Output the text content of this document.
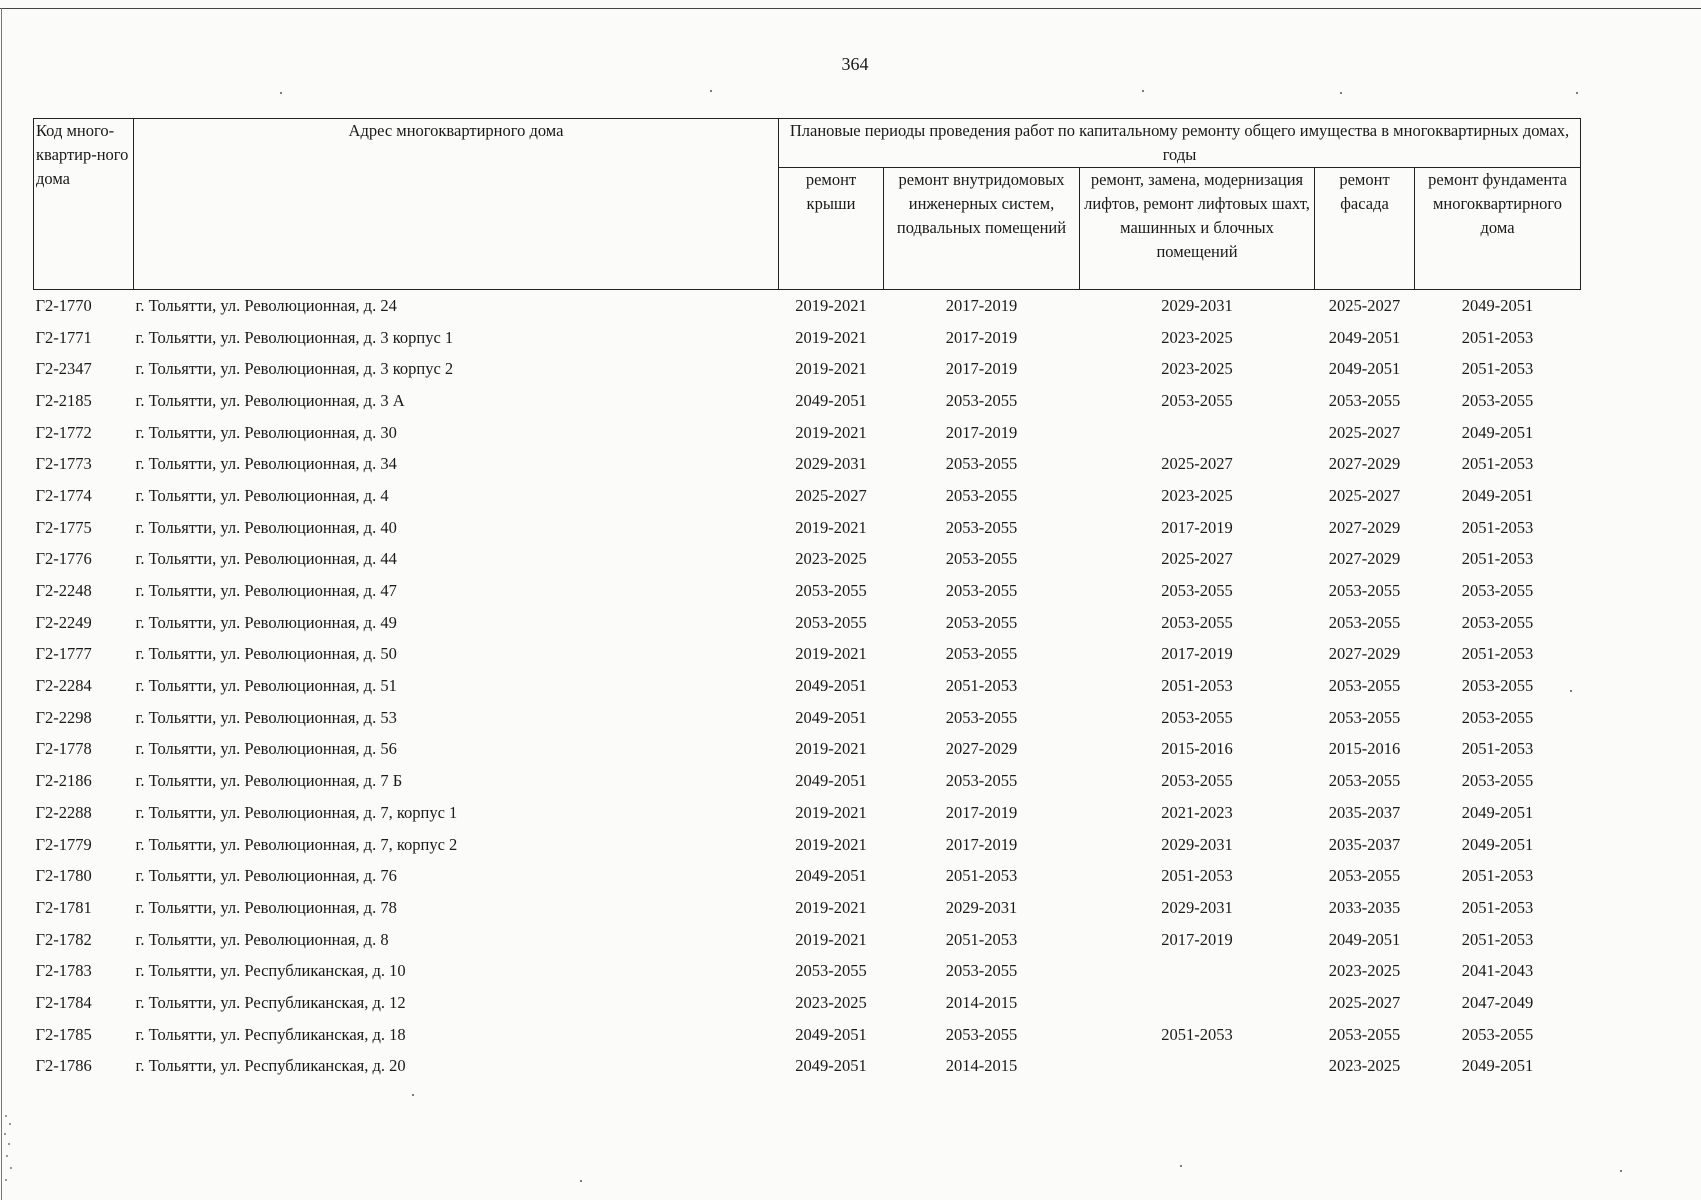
364
Код много-квартир-ного дома	Адрес многоквартирного дома	Плановые периоды проведения работ по капитальному ремонту общего имущества в многоквартирных домах, годы				
		ремонт крыши	ремонт внутридомовых инженерных систем, подвальных помещений	ремонт, замена, модернизация лифтов, ремонт лифтовых шахт, машинных и блочных помещений	ремонт фасада	ремонт фундамента многоквартирного дома
Г2-1770	г. Тольятти, ул. Революционная, д. 24	2019-2021	2017-2019	2029-2031	2025-2027	2049-2051
Г2-1771	г. Тольятти, ул. Революционная, д. 3 корпус 1	2019-2021	2017-2019	2023-2025	2049-2051	2051-2053
Г2-2347	г. Тольятти, ул. Революционная, д. 3 корпус 2	2019-2021	2017-2019	2023-2025	2049-2051	2051-2053
Г2-2185	г. Тольятти, ул. Революционная, д. 3 А	2049-2051	2053-2055	2053-2055	2053-2055	2053-2055
Г2-1772	г. Тольятти, ул. Революционная, д. 30	2019-2021	2017-2019		2025-2027	2049-2051
Г2-1773	г. Тольятти, ул. Революционная, д. 34	2029-2031	2053-2055	2025-2027	2027-2029	2051-2053
Г2-1774	г. Тольятти, ул. Революционная, д. 4	2025-2027	2053-2055	2023-2025	2025-2027	2049-2051
Г2-1775	г. Тольятти, ул. Революционная, д. 40	2019-2021	2053-2055	2017-2019	2027-2029	2051-2053
Г2-1776	г. Тольятти, ул. Революционная, д. 44	2023-2025	2053-2055	2025-2027	2027-2029	2051-2053
Г2-2248	г. Тольятти, ул. Революционная, д. 47	2053-2055	2053-2055	2053-2055	2053-2055	2053-2055
Г2-2249	г. Тольятти, ул. Революционная, д. 49	2053-2055	2053-2055	2053-2055	2053-2055	2053-2055
Г2-1777	г. Тольятти, ул. Революционная, д. 50	2019-2021	2053-2055	2017-2019	2027-2029	2051-2053
Г2-2284	г. Тольятти, ул. Революционная, д. 51	2049-2051	2051-2053	2051-2053	2053-2055	2053-2055
Г2-2298	г. Тольятти, ул. Революционная, д. 53	2049-2051	2053-2055	2053-2055	2053-2055	2053-2055
Г2-1778	г. Тольятти, ул. Революционная, д. 56	2019-2021	2027-2029	2015-2016	2015-2016	2051-2053
Г2-2186	г. Тольятти, ул. Революционная, д. 7 Б	2049-2051	2053-2055	2053-2055	2053-2055	2053-2055
Г2-2288	г. Тольятти, ул. Революционная, д. 7, корпус 1	2019-2021	2017-2019	2021-2023	2035-2037	2049-2051
Г2-1779	г. Тольятти, ул. Революционная, д. 7, корпус 2	2019-2021	2017-2019	2029-2031	2035-2037	2049-2051
Г2-1780	г. Тольятти, ул. Революционная, д. 76	2049-2051	2051-2053	2051-2053	2053-2055	2051-2053
Г2-1781	г. Тольятти, ул. Революционная, д. 78	2019-2021	2029-2031	2029-2031	2033-2035	2051-2053
Г2-1782	г. Тольятти, ул. Революционная, д. 8	2019-2021	2051-2053	2017-2019	2049-2051	2051-2053
Г2-1783	г. Тольятти, ул. Республиканская, д. 10	2053-2055	2053-2055		2023-2025	2041-2043
Г2-1784	г. Тольятти, ул. Республиканская, д. 12	2023-2025	2014-2015		2025-2027	2047-2049
Г2-1785	г. Тольятти, ул. Республиканская, д. 18	2049-2051	2053-2055	2051-2053	2053-2055	2053-2055
Г2-1786	г. Тольятти, ул. Республиканская, д. 20	2049-2051	2014-2015		2023-2025	2049-2051
